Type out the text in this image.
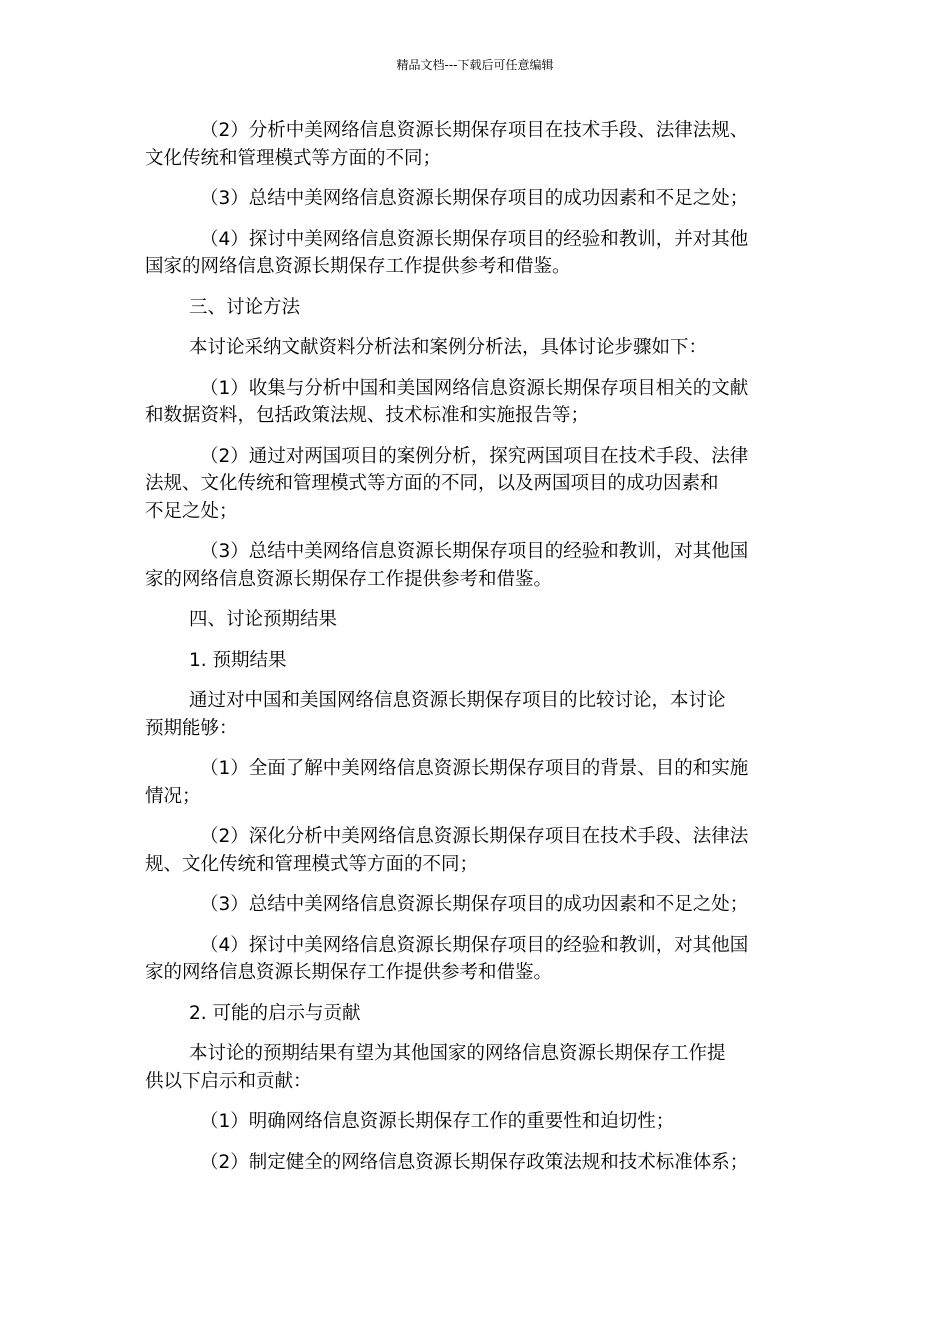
精品文档---下载后可任意编辑
（2）分析中美网络信息资源长期保存项目在技术手段、法律法规、
文化传统和管理模式等方面的不同；
（3）总结中美网络信息资源长期保存项目的成功因素和不足之处；
（4）探讨中美网络信息资源长期保存项目的经验和教训，并对其他
国家的网络信息资源长期保存工作提供参考和借鉴。
三、讨论方法
本讨论采纳文献资料分析法和案例分析法，具体讨论步骤如下：
（1）收集与分析中国和美国网络信息资源长期保存项目相关的文献
和数据资料，包括政策法规、技术标准和实施报告等；
（2）通过对两国项目的案例分析，探究两国项目在技术手段、法律
法规、文化传统和管理模式等方面的不同，以及两国项目的成功因素和
不足之处；
（3）总结中美网络信息资源长期保存项目的经验和教训，对其他国
家的网络信息资源长期保存工作提供参考和借鉴。
四、讨论预期结果
1. 预期结果
通过对中国和美国网络信息资源长期保存项目的比较讨论，本讨论
预期能够：
（1）全面了解中美网络信息资源长期保存项目的背景、目的和实施
情况；
（2）深化分析中美网络信息资源长期保存项目在技术手段、法律法
规、文化传统和管理模式等方面的不同；
（3）总结中美网络信息资源长期保存项目的成功因素和不足之处；
（4）探讨中美网络信息资源长期保存项目的经验和教训，对其他国
家的网络信息资源长期保存工作提供参考和借鉴。
2. 可能的启示与贡献
本讨论的预期结果有望为其他国家的网络信息资源长期保存工作提
供以下启示和贡献：
（1）明确网络信息资源长期保存工作的重要性和迫切性；
（2）制定健全的网络信息资源长期保存政策法规和技术标准体系；
